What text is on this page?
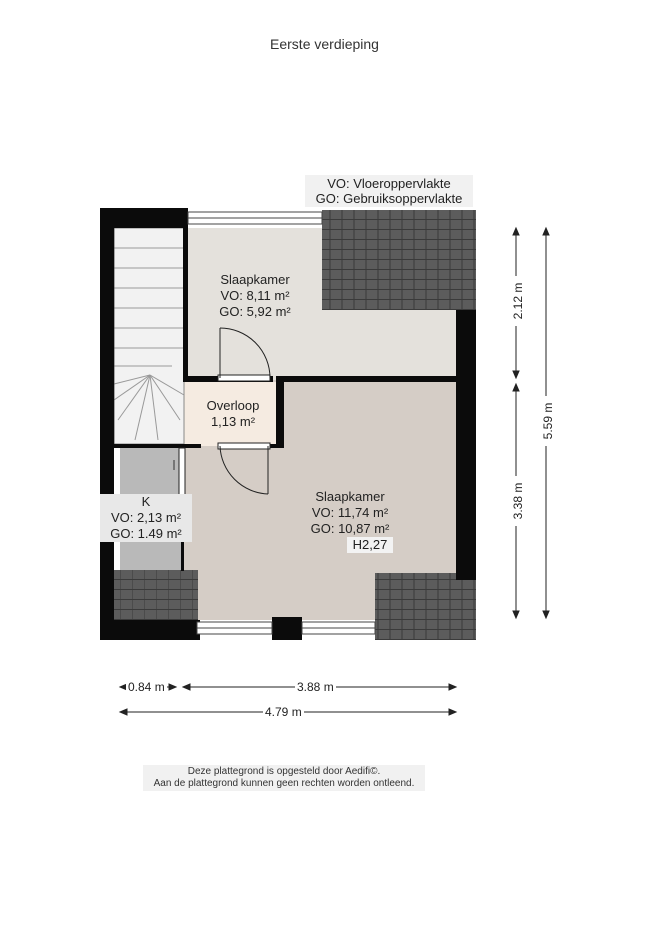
Eerste verdieping
VO: Vloeroppervlakte
GO: Gebruiksoppervlakte
Slaapkamer
VO: 8,11 m²
GO: 5,92 m²
Overloop
1,13 m²
K
VO: 2,13 m²
GO: 1.49 m²
Slaapkamer
VO: 11,74 m²
GO: 10,87 m²
H2,27
0.84 m	3.88 m
4.79 m
2.12 m
3.38 m
5.59 m
Deze plattegrond is opgesteld door Aedifi©.
Aan de plattegrond kunnen geen rechten worden ontleend.
